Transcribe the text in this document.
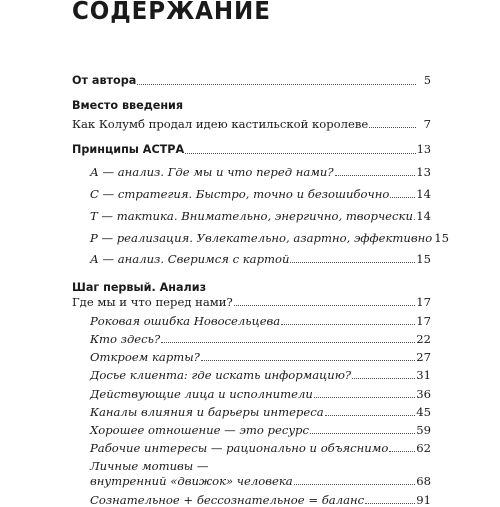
СОДЕРЖАНИЕ
От автора	5
Вместо введения
Как Колумб продал идею кастильской королеве	7
Принципы АСТРА	13
А — анализ. Где мы и что перед нами?	13
С — стратегия. Быстро, точно и безошибочно 14
Т — тактика. Внимательно, энергично, творчески 14
Р — реализация. Увлекательно, азартно, эффективно 15
А — анализ. Сверимся с картой	15
Шаг первый. Анализ
Где мы и что перед нами?	17
Роковая ошибка Новосельцева	17
Кто здесь?	22
Откроем карты?	27
Досье клиента: где искать информацию?	31
Действующие лица и исполнители	36
Каналы влияния и барьеры интереса	45
Хорошее отношение — это ресурс	59
Рабочие интересы — рационально и объяснимо 62
Личные мотивы —
внутренний «движок» человека	68
Сознательное + бессознательное = баланс	91
